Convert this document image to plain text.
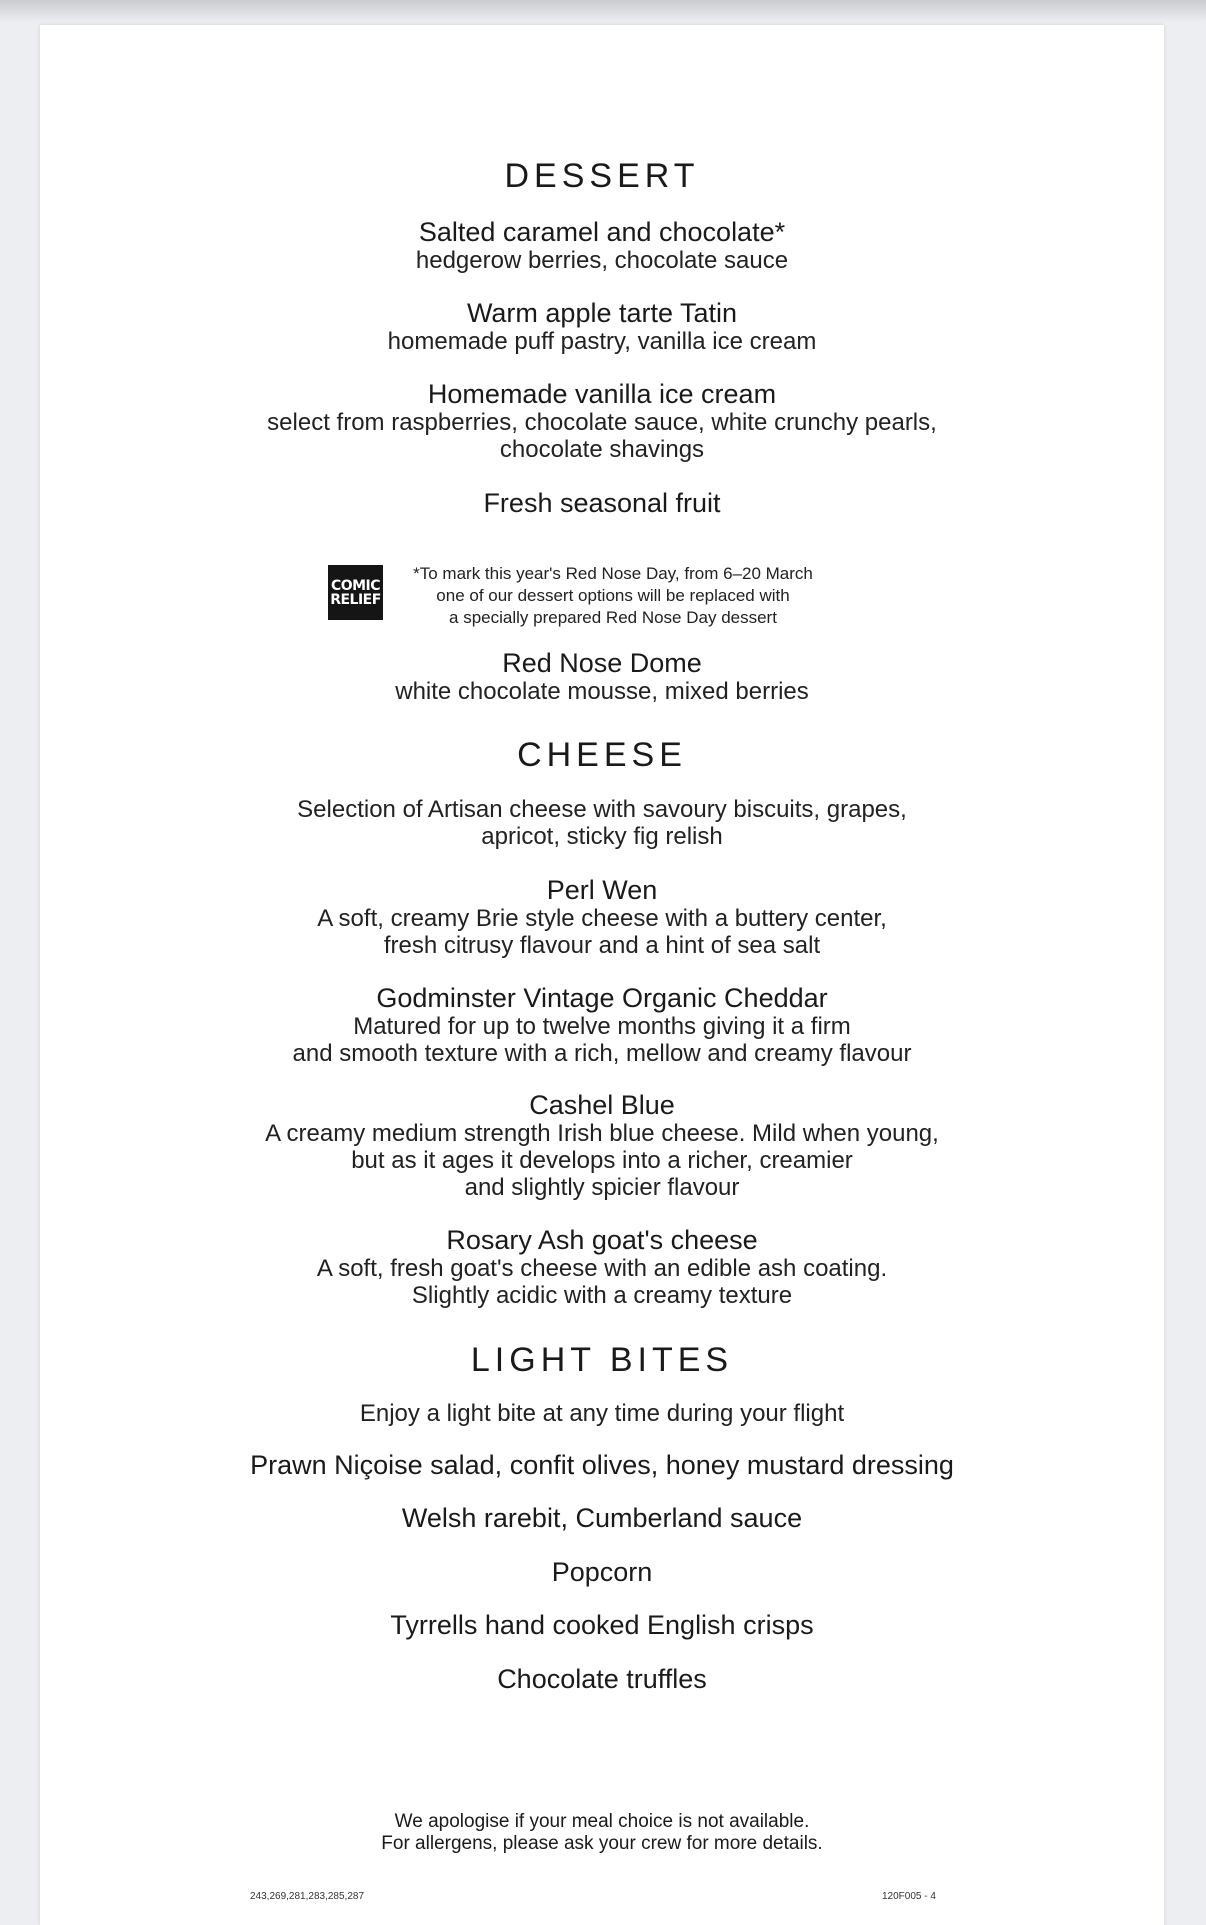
DESSERT
Salted caramel and chocolate*
hedgerow berries, chocolate sauce
Warm apple tarte Tatin
homemade puff pastry, vanilla ice cream
Homemade vanilla ice cream
select from raspberries, chocolate sauce, white crunchy pearls,
chocolate shavings
Fresh seasonal fruit
COMIC
RELIEF
*To mark this year's Red Nose Day, from 6–20 March
one of our dessert options will be replaced with
a specially prepared Red Nose Day dessert
Red Nose Dome
white chocolate mousse, mixed berries
CHEESE
Selection of Artisan cheese with savoury biscuits, grapes,
apricot, sticky fig relish
Perl Wen
A soft, creamy Brie style cheese with a buttery center,
fresh citrusy flavour and a hint of sea salt
Godminster Vintage Organic Cheddar
Matured for up to twelve months giving it a firm
and smooth texture with a rich, mellow and creamy flavour
Cashel Blue
A creamy medium strength Irish blue cheese. Mild when young,
but as it ages it develops into a richer, creamier
and slightly spicier flavour
Rosary Ash goat's cheese
A soft, fresh goat's cheese with an edible ash coating.
Slightly acidic with a creamy texture
LIGHT BITES
Enjoy a light bite at any time during your flight
Prawn Niçoise salad, confit olives, honey mustard dressing
Welsh rarebit, Cumberland sauce
Popcorn
Tyrrells hand cooked English crisps
Chocolate truffles
We apologise if your meal choice is not available.
For allergens, please ask your crew for more details.
243,269,281,283,285,287	120F005 - 4
